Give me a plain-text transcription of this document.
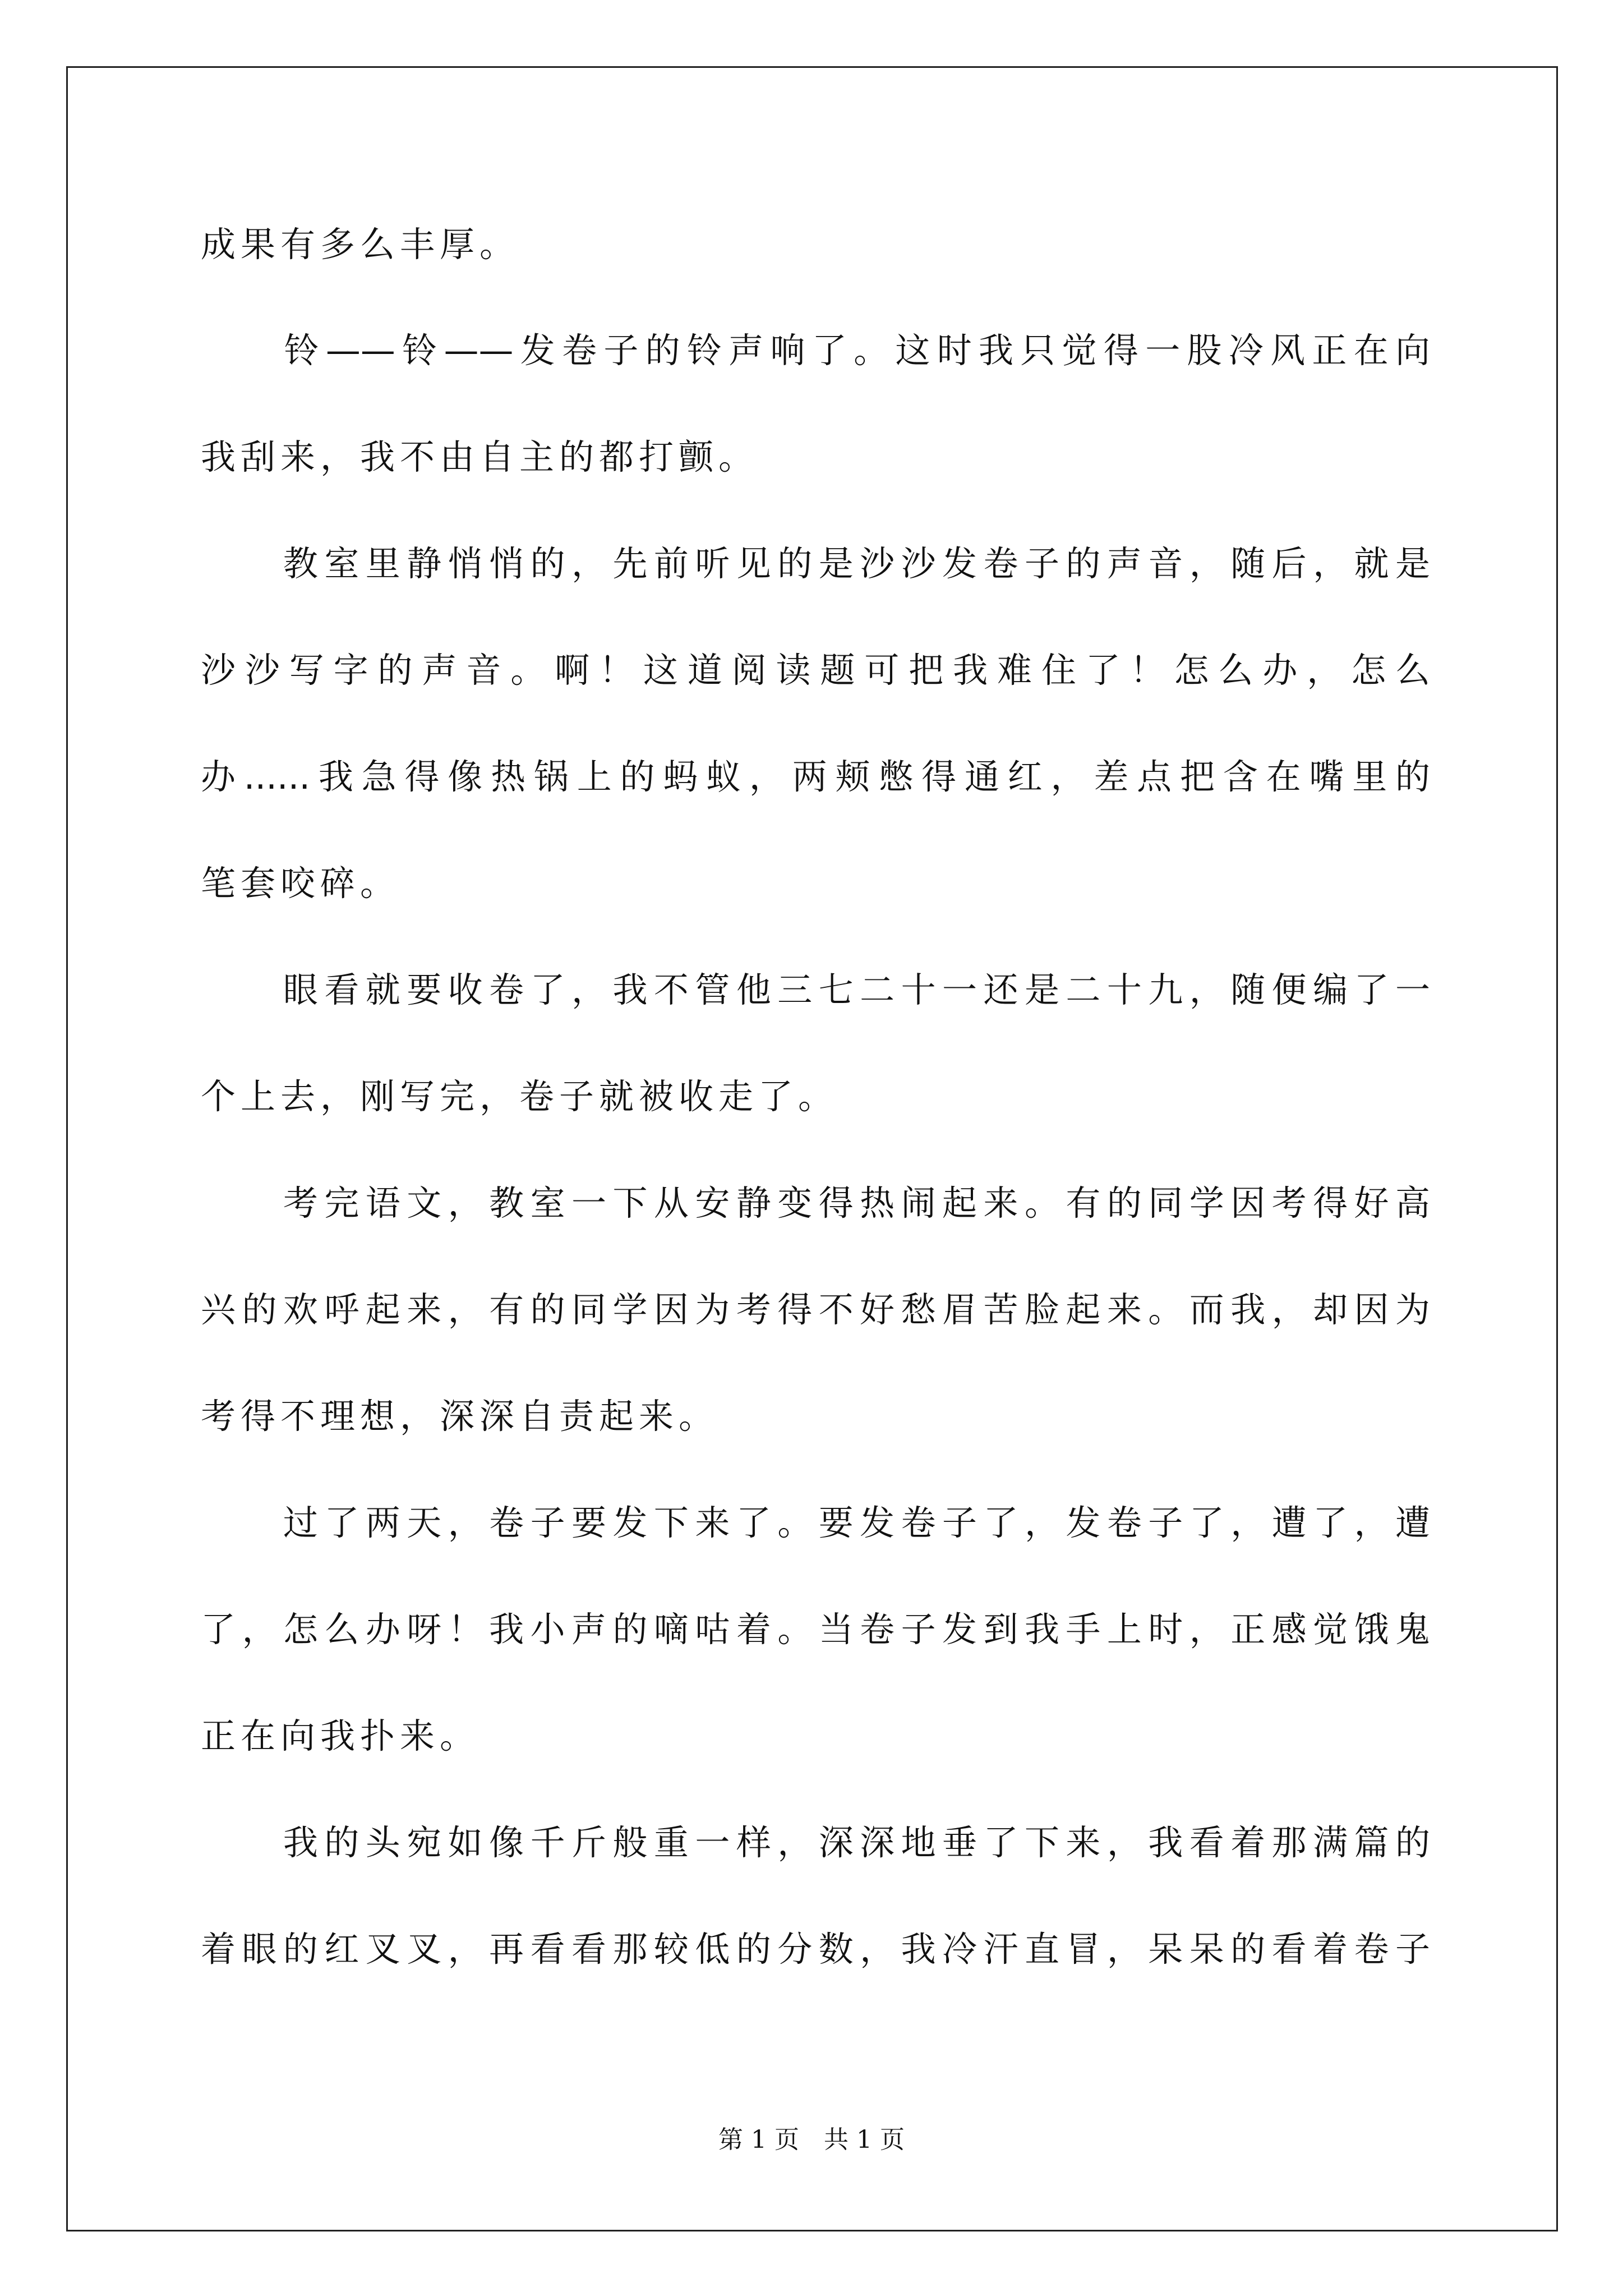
成果有多么丰厚。
　　铃——铃——发卷子的铃声响了。这时我只觉得一股冷风正在向
我刮来，我不由自主的都打颤。
　　教室里静悄悄的，先前听见的是沙沙发卷子的声音，随后，就是
沙沙写字的声音。啊！这道阅读题可把我难住了！怎么办，怎么
办......我急得像热锅上的蚂蚁，两颊憋得通红，差点把含在嘴里的
笔套咬碎。
　　眼看就要收卷了，我不管他三七二十一还是二十九，随便编了一
个上去，刚写完，卷子就被收走了。
　　考完语文，教室一下从安静变得热闹起来。有的同学因考得好高
兴的欢呼起来，有的同学因为考得不好愁眉苦脸起来。而我，却因为
考得不理想，深深自责起来。
　　过了两天，卷子要发下来了。要发卷子了，发卷子了，遭了，遭
了，怎么办呀！我小声的嘀咕着。当卷子发到我手上时，正感觉饿鬼
正在向我扑来。
　　我的头宛如像千斤般重一样，深深地垂了下来，我看着那满篇的
着眼的红叉叉，再看看那较低的分数，我冷汗直冒，呆呆的看着卷子
第 1 页　共 1 页
